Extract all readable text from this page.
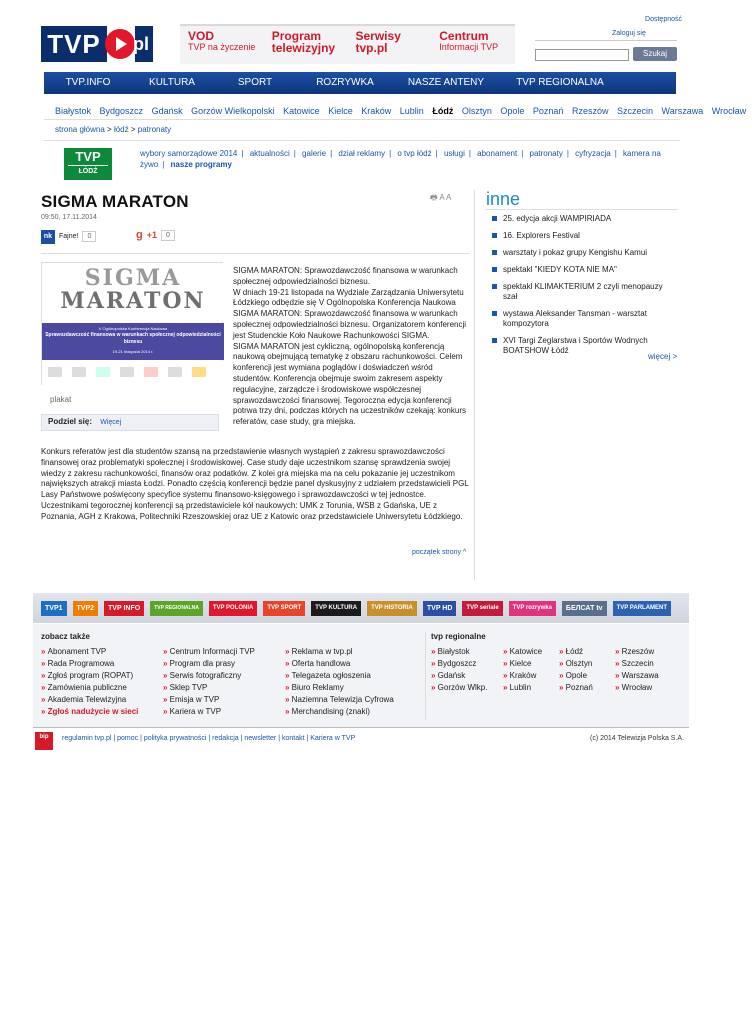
TVP	pl	VOD
TVP na życzenie
Program telewizyjny
Serwisy tvp.pl
Centrum
Informacji TVP
Dostępność
Zaloguj się
Szukaj
TVP.INFO	KULTURA	SPORT	ROZRYWKA	NASZE ANTENY	TVP REGIONALNA
Białystok Bydgoszcz Gdańsk Gorzów Wielkopolski Katowice Kielce Kraków Lublin Łódź Olsztyn Opole Poznań Rzeszów Szczecin Warszawa Wrocław
strona główna > łódź > patronaty
TVP
ŁÓDŹ
wybory samorządowe 2014 | aktualności | galerie | dział reklamy | o tvp łódź | usługi | abonament | patronaty | cyfryzacja | kamera na żywo | nasze programy
SIGMA MARATON
09:50, 17.11.2014
🖶 A A
nk Fajne!	0	g +1	0
SIGMA
MARATON
V Ogólnopolska Konferencja Naukowa
Sprawozdawczość finansowa w warunkach społecznej odpowiedzialności biznesu
19-21 listopada 2014 r.
plakat
Podziel się: Więcej
SIGMA MARATON: Sprawozdawczość finansowa w warunkach społecznej odpowiedzialności biznesu.
W dniach 19-21 listopada na Wydziale Zarządzania Uniwersytetu Łódzkiego odbędzie się V Ogólnopolska Konferencja Naukowa
SIGMA MARATON: Sprawozdawczość finansowa w warunkach społecznej odpowiedzialności biznesu. Organizatorem konferencji jest Studenckie Koło Naukowe Rachunkowości SIGMA.
SIGMA MARATON jest cykliczną, ogólnopolską konferencją naukową obejmującą tematykę z obszaru rachunkowości. Celem konferencji jest wymiana poglądów i doświadczeń wśród studentów. Konferencja obejmuje swoim zakresem aspekty regulacyjne, zarządcze i środowiskowe współczesnej sprawozdawczości finansowej. Tegoroczna edycja konferencji potrwa trzy dni, podczas których na uczestników czekają: konkurs referatów, case study, gra miejska.
Konkurs referatów jest dla studentów szansą na przedstawienie własnych wystąpień z zakresu sprawozdawczości finansowej oraz problematyki społecznej i środowiskowej. Case study daje uczestnikom szansę sprawdzenia swojej wiedzy z zakresu rachunkowości, finansów oraz podatków. Z kolei gra miejska ma na celu pokazanie jej uczestnikom największych atrakcji miasta Łodzi. Ponadto częścią konferencji będzie panel dyskusyjny z udziałem przedstawicieli PGL Lasy Państwowe poświęcony specyfice systemu finansowo-księgowego i sprawozdawczości w tej jednostce. Uczestnikami tegorocznej konferencji są przedstawiciele kół naukowych: UMK z Torunia, WSB z Gdańska, UE z Poznania, AGH z Krakowa, Politechniki Rzeszowskiej oraz UE z Katowic oraz przedstawiciele Uniwersytetu Łódzkiego.
początek strony ^
inne
25. edycja akcji WAMPIRIADA
16. Explorers Festival
warsztaty i pokaz grupy Kengishu Kamui
spektakl "KIEDY KOTA NIE MA"
spektakl KLIMAKTERIUM 2 czyli menopauzy szał
wystawa Aleksander Tansman - warsztat kompozytora
XVI Targi Żeglarstwa i Sportów Wodnych BOATSHOW Łódź
więcej >
TVP1	TVP2	TVP INFO	TVP REGIONALNA	TVP POLONIA	TVP SPORT	TVP KULTURA	TVP HISTORIA	TVP HD	TVP seriale	TVP rozrywka	БЕЛСАТ tv	TVP PARLAMENT
zobacz także
» Abonament TVP
» Rada Programowa
» Zgłoś program (ROPAT)
» Zamówienia publiczne
» Akademia Telewizyjna
» Zgłoś nadużycie w sieci
» Centrum Informacji TVP
» Program dla prasy
» Serwis fotograficzny
» Sklep TVP
» Emisja w TVP
» Kariera w TVP
» Reklama w tvp.pl
» Oferta handlowa
» Telegazeta ogłoszenia
» Biuro Reklamy
» Naziemna Telewizja Cyfrowa
» Merchandising (znaki)
tvp regionalne
» Białystok
» Bydgoszcz
» Gdańsk
» Gorzów Wlkp.
» Katowice
» Kielce
» Kraków
» Lublin
» Łódź
» Olsztyn
» Opole
» Poznań
» Rzeszów
» Szczecin
» Warszawa
» Wrocław
bip	regulamin tvp.pl | pomoc | polityka prywatności | redakcja | newsletter | kontakt | Kariera w TVP	(c) 2014 Telewizja Polska S.A.
